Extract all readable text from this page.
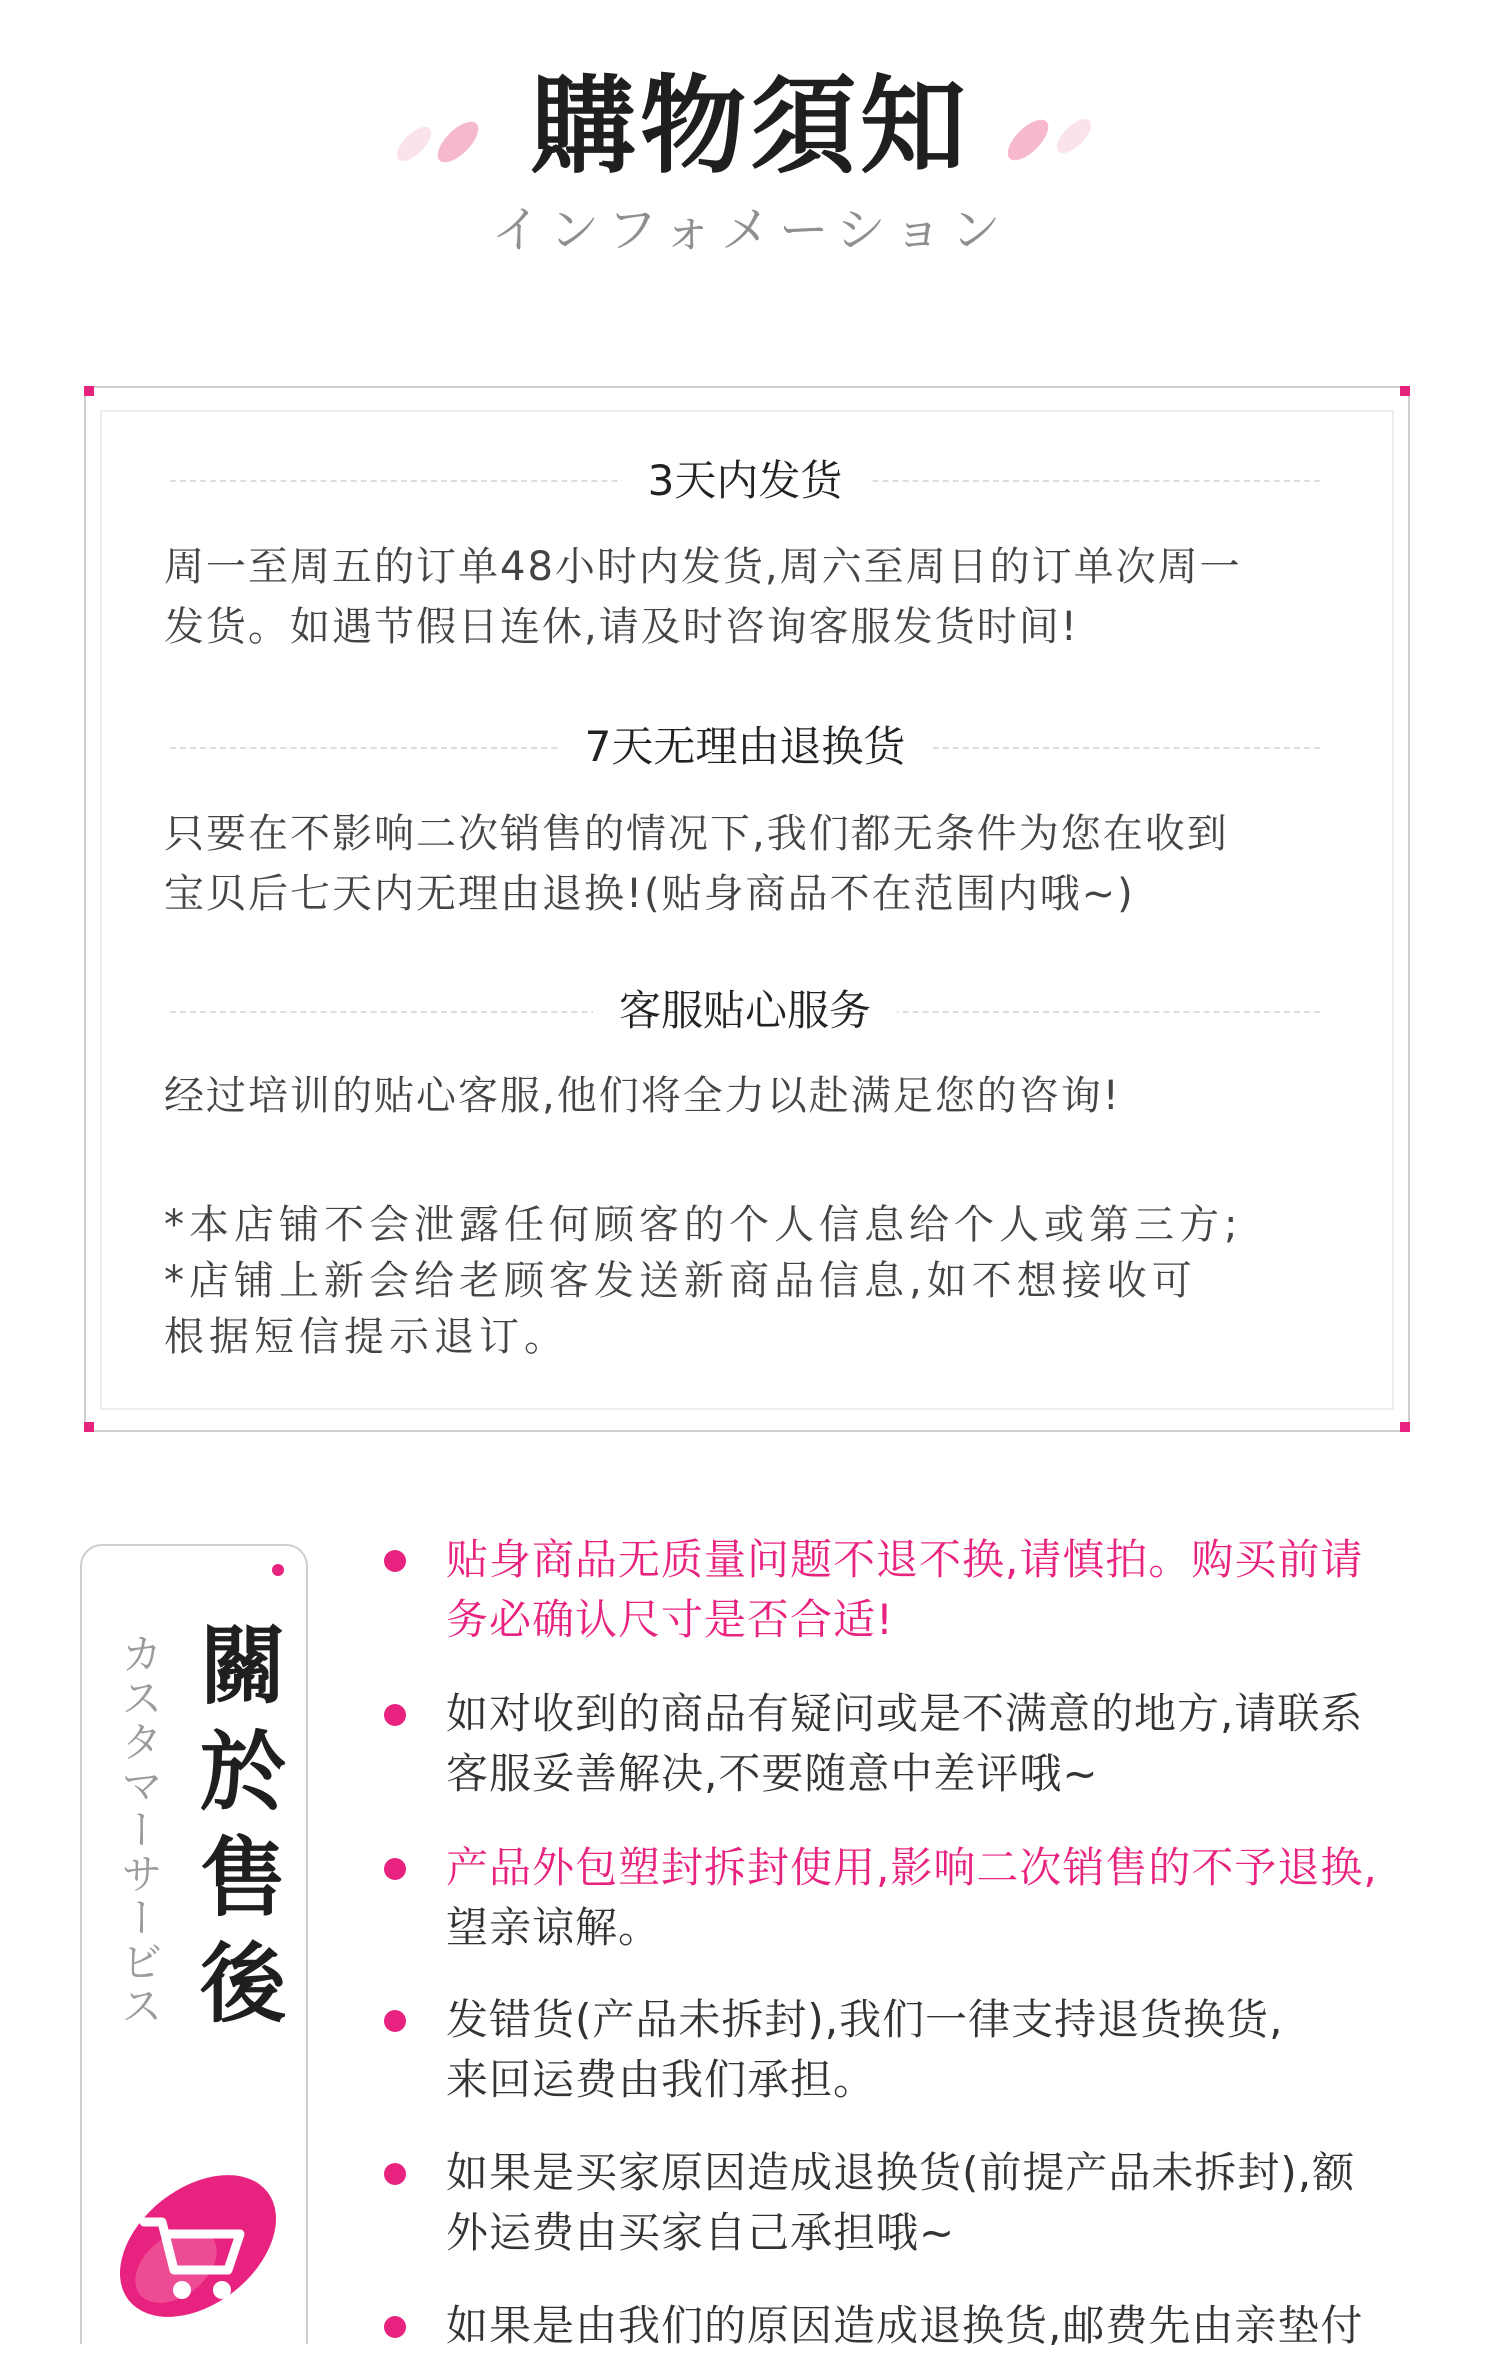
購物須知
インフォメーション
3天内发货
周一至周五的订单48小时内发货,周六至周日的订单次周一
发货。如遇节假日连休,请及时咨询客服发货时间!
7天无理由退换货
只要在不影响二次销售的情况下,我们都无条件为您在收到
宝贝后七天内无理由退换!(贴身商品不在范围内哦~)
客服贴心服务
经过培训的贴心客服,他们将全力以赴满足您的咨询!
*本店铺不会泄露任何顾客的个人信息给个人或第三方;
*店铺上新会给老顾客发送新商品信息,如不想接收可
根据短信提示退订。
カスタマーサービス 關於售後
贴身商品无质量问题不退不换,请慎拍。购买前请
务必确认尺寸是否合适!
如对收到的商品有疑问或是不满意的地方,请联系
客服妥善解决,不要随意中差评哦~
产品外包塑封拆封使用,影响二次销售的不予退换,
望亲谅解。
发错货(产品未拆封),我们一律支持退货换货,
来回运费由我们承担。
如果是买家原因造成退换货(前提产品未拆封),额
外运费由买家自己承担哦~
如果是由我们的原因造成退换货,邮费先由亲垫付
